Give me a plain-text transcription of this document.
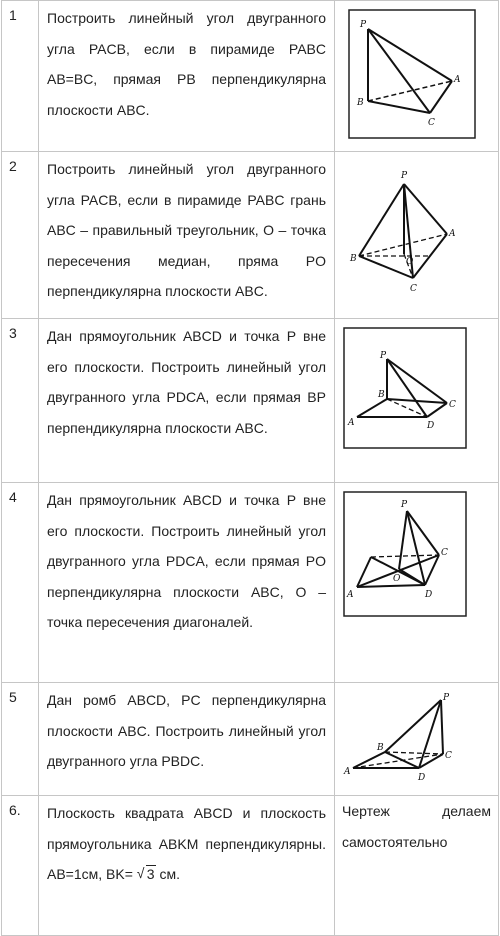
1	Построить линейный угол двугранного угла PACB, если в пирамиде PABC AB=BC, прямая PB перпендикулярна плоскости ABC.	P
A
B
C

2	Построить линейный угол двугранного угла PACB, если в пирамиде PABC грань ABC – правильный треугольник, O – точка пересечения медиан, пряма PO перпендикулярна плоскости ABC.	P
A
B
C
O

3	Дан прямоугольник ABCD и точка P вне его плоскости. Построить линейный угол двугранного угла PDCA, если прямая BP перпендикулярна плоскости ABC.	P
B
C
A D

4	Дан прямоугольник ABCD и точка P вне его плоскости. Построить линейный угол двугранного угла PDCA, если прямая PO перпендикулярна плоскости ABC, O – точка пересечения диагоналей.	P
C
O
A D

5	Дан ромб ABCD, PC перпендикулярна плоскости ABC. Построить линейный угол двугранного угла PBDC.	P
B
C
A
D

6.	Плоскость квадрата ABCD и плоскость прямоугольника ABKM перпендикулярны. AB=1см, BK= √ 3 см.	Чертеж делаем самостоятельно
